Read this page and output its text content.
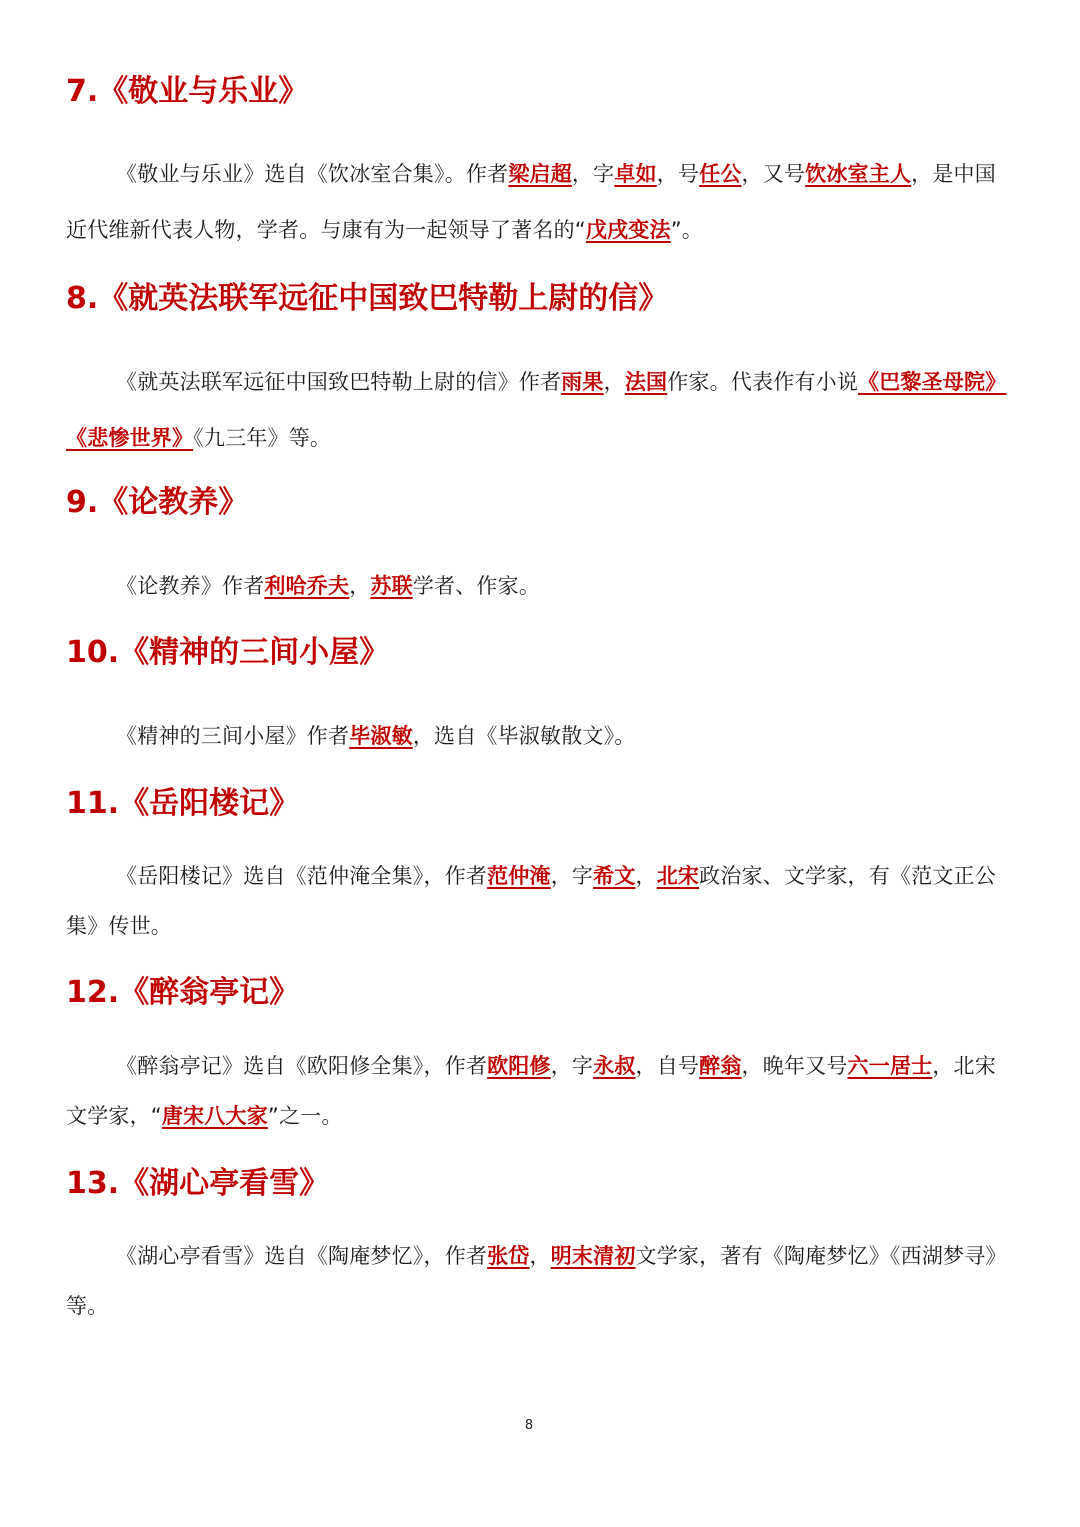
7.《敬业与乐业》

《敬业与乐业》选自《饮冰室合集》。作者梁启超，字卓如，号任公，又号饮冰室主人，是中国近代维新代表人物，学者。与康有为一起领导了著名的“戊戌变法”。

8.《就英法联军远征中国致巴特勒上尉的信》

《就英法联军远征中国致巴特勒上尉的信》作者雨果，法国作家。代表作有小说《巴黎圣母院》《悲惨世界》《九三年》等。

9.《论教养》

《论教养》作者利哈乔夫，苏联学者、作家。

10.《精神的三间小屋》

《精神的三间小屋》作者毕淑敏，选自《毕淑敏散文》。

11.《岳阳楼记》

《岳阳楼记》选自《范仲淹全集》，作者范仲淹，字希文，北宋政治家、文学家，有《范文正公集》传世。

12.《醉翁亭记》

《醉翁亭记》选自《欧阳修全集》，作者欧阳修，字永叔，自号醉翁，晚年又号六一居士，北宋文学家，“唐宋八大家”之一。

13.《湖心亭看雪》

《湖心亭看雪》选自《陶庵梦忆》，作者张岱，明末清初文学家，著有《陶庵梦忆》《西湖梦寻》等。

8
